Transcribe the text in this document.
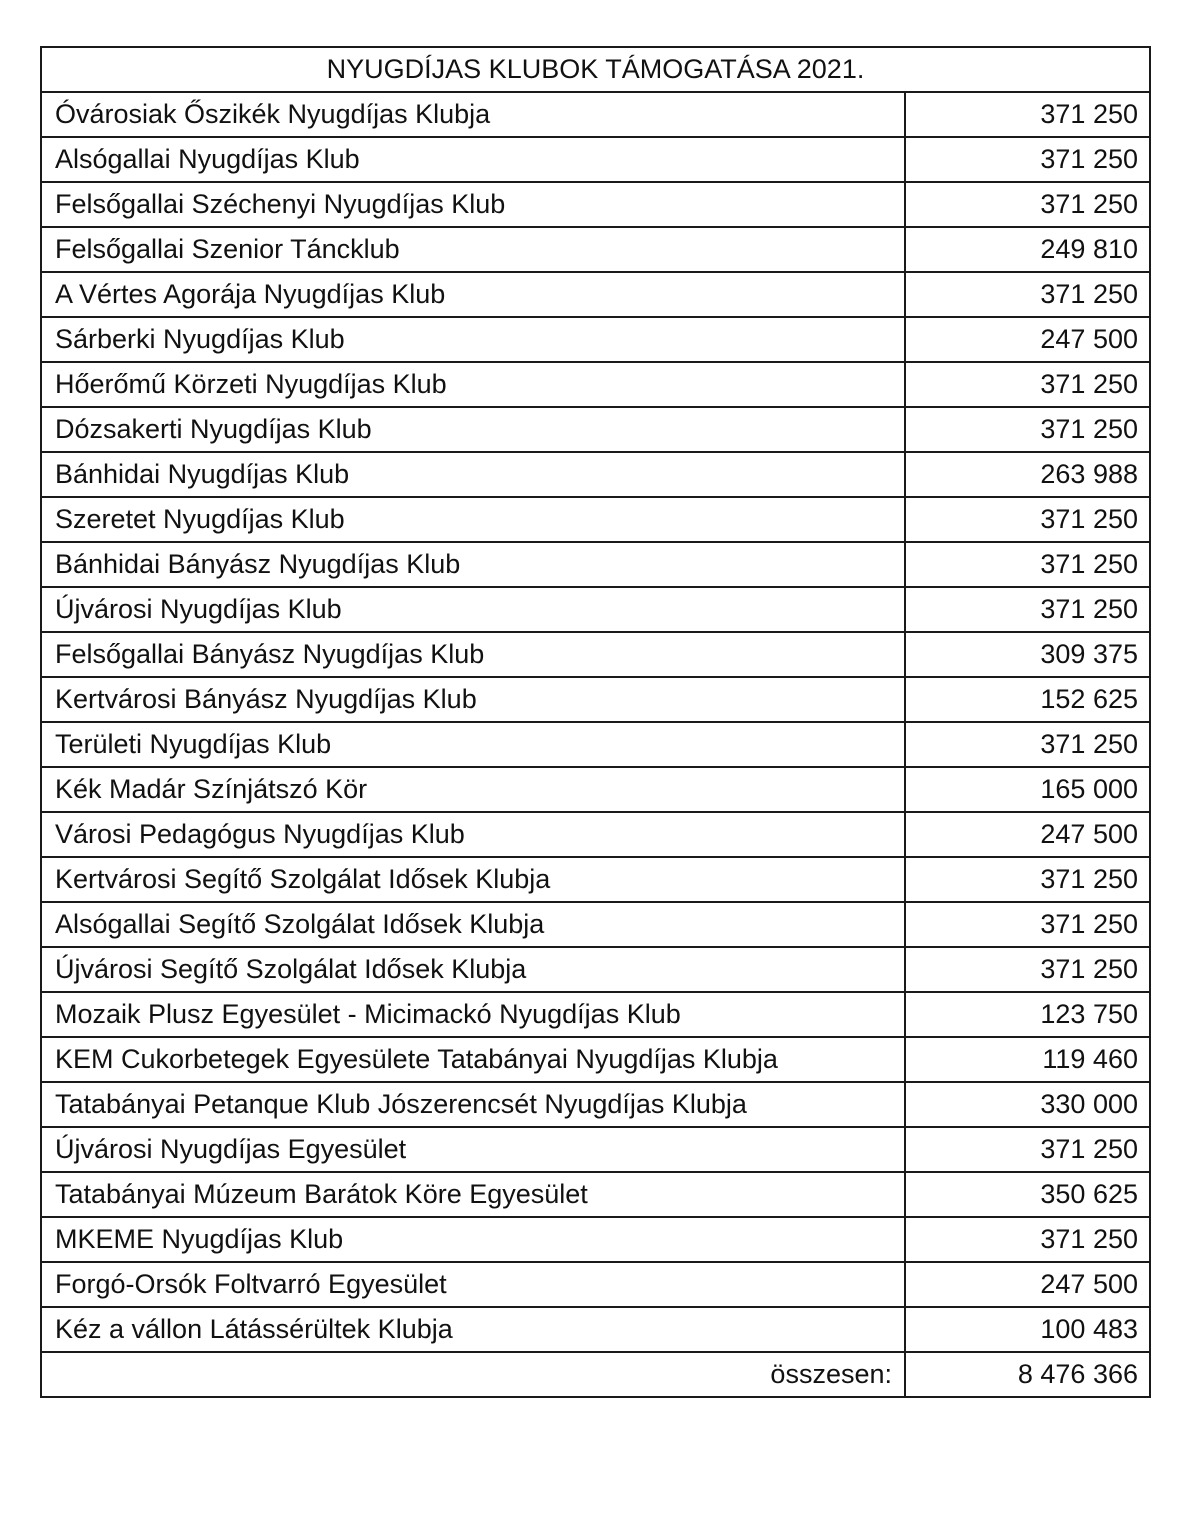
NYUGDÍJAS KLUBOK TÁMOGATÁSA 2021.	
Óvárosiak Őszikék Nyugdíjas Klubja	371 250
Alsógallai Nyugdíjas Klub	371 250
Felsőgallai Széchenyi Nyugdíjas Klub	371 250
Felsőgallai Szenior Táncklub	249 810
A Vértes Agorája Nyugdíjas Klub	371 250
Sárberki Nyugdíjas Klub	247 500
Hőerőmű Körzeti Nyugdíjas Klub	371 250
Dózsakerti Nyugdíjas Klub	371 250
Bánhidai Nyugdíjas Klub	263 988
Szeretet Nyugdíjas Klub	371 250
Bánhidai Bányász Nyugdíjas Klub	371 250
Újvárosi Nyugdíjas Klub	371 250
Felsőgallai Bányász Nyugdíjas Klub	309 375
Kertvárosi Bányász Nyugdíjas Klub	152 625
Területi Nyugdíjas Klub	371 250
Kék Madár Színjátszó Kör	165 000
Városi Pedagógus Nyugdíjas Klub	247 500
Kertvárosi Segítő Szolgálat Idősek Klubja	371 250
Alsógallai Segítő Szolgálat Idősek Klubja	371 250
Újvárosi Segítő Szolgálat Idősek Klubja	371 250
Mozaik Plusz Egyesület - Micimackó Nyugdíjas Klub	123 750
KEM Cukorbetegek Egyesülete Tatabányai Nyugdíjas Klubja	119 460
Tatabányai Petanque Klub Jószerencsét Nyugdíjas Klubja	330 000
Újvárosi Nyugdíjas Egyesület	371 250
Tatabányai Múzeum Barátok Köre Egyesület	350 625
MKEME Nyugdíjas Klub	371 250
Forgó-Orsók Foltvarró Egyesület	247 500
Kéz a vállon Látássérültek Klubja	100 483
összesen:	8 476 366
